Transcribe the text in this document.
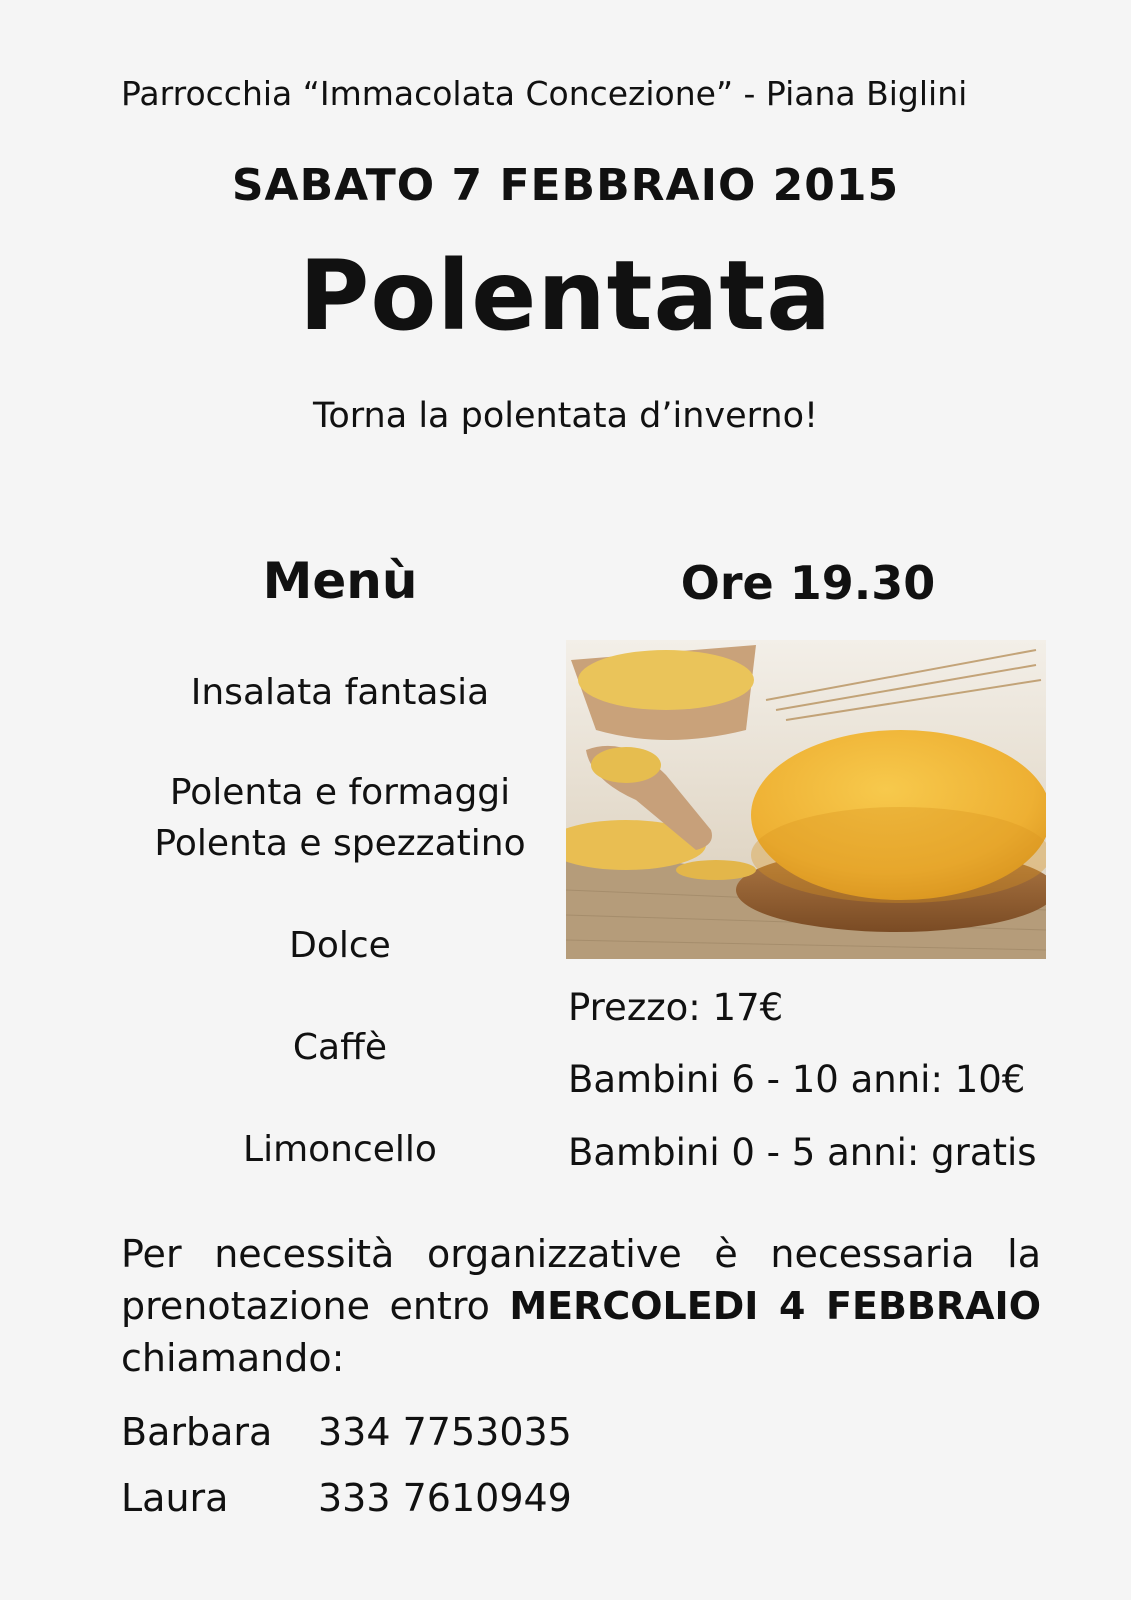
Parrocchia “Immacolata Concezione” - Piana Biglini
SABATO 7 FEBBRAIO 2015
Polentata
Torna la polentata d’inverno!
Menù	Ore 19.30
Insalata fantasia
Polenta e formaggi
Polenta e spezzatino
Dolce
Caffè
Limoncello
Prezzo: 17€
Bambini 6 - 10 anni: 10€
Bambini 0 - 5 anni: gratis
Per necessità organizzative è necessaria la prenotazione entro MERCOLEDI 4 FEBBRAIO chiamando:
Barbara 334 7753035
Laura 333 7610949
